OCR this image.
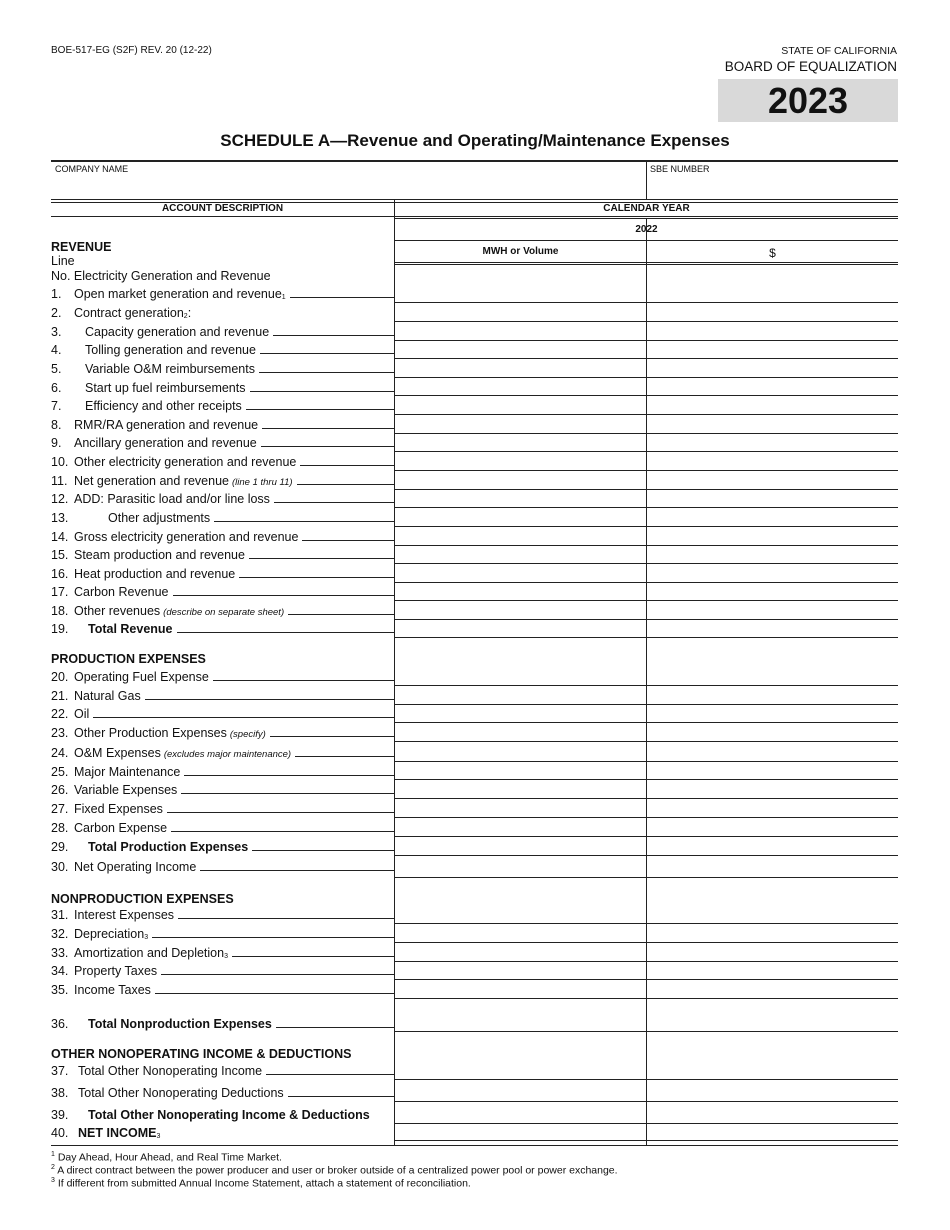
BOE-517-EG (S2F) REV. 20 (12-22)	STATE OF CALIFORNIA
BOARD OF EQUALIZATION
2023
SCHEDULE A—Revenue and Operating/Maintenance Expenses
COMPANY NAME	SBE NUMBER
ACCOUNT DESCRIPTION	CALENDAR YEAR
2022
MWH or Volume	$
REVENUE
Line
No. Electricity Generation and Revenue
PRODUCTION EXPENSES
NONPRODUCTION EXPENSES
OTHER NONOPERATING INCOME & DEDUCTIONS
1.	Open market generation and revenue$_1$
2.	Contract generation$_2$ :
3.	Capacity generation and revenue
4.	Tolling generation and revenue
5.	Variable O&M reimbursements
6.	Start up fuel reimbursements
7.	Efficiency and other receipts
8.	RMR/RA generation and revenue
9.	Ancillary generation and revenue
10. Other electricity generation and revenue
11. Net generation and revenue (line 1 thru 11)
12. ADD: Parasitic load and/or line loss
13.	Other adjustments
14. Gross electricity generation and revenue
15. Steam production and revenue
16. Heat production and revenue
17. Carbon Revenue
18. Other revenues (describe on separate sheet)
19.	Total Revenue
20. Operating Fuel Expense
21. Natural Gas
22. Oil
23. Other Production Expenses (specify)
24. O&M Expenses (excludes major maintenance)
25. Major Maintenance
26. Variable Expenses
27. Fixed Expenses
28. Carbon Expense
29.	Total Production Expenses
30. Net Operating Income
31. Interest Expenses
32. Depreciation$_3$
33. Amortization and Depletion$_3$
34. Property Taxes
35. Income Taxes
36.	Total Nonproduction Expenses
37. Total Other Nonoperating Income
38. Total Other Nonoperating Deductions
39.	Total Other Nonoperating Income & Deductions
40. NET $INCOME_3$
$^1$ Day Ahead, Hour Ahead, and Real Time Market.
$^2$ A direct contract between the power producer and user or broker outside of a centralized power pool or power exchange.
$^3$ If different from submitted Annual Income Statement, attach a statement of reconciliation.
